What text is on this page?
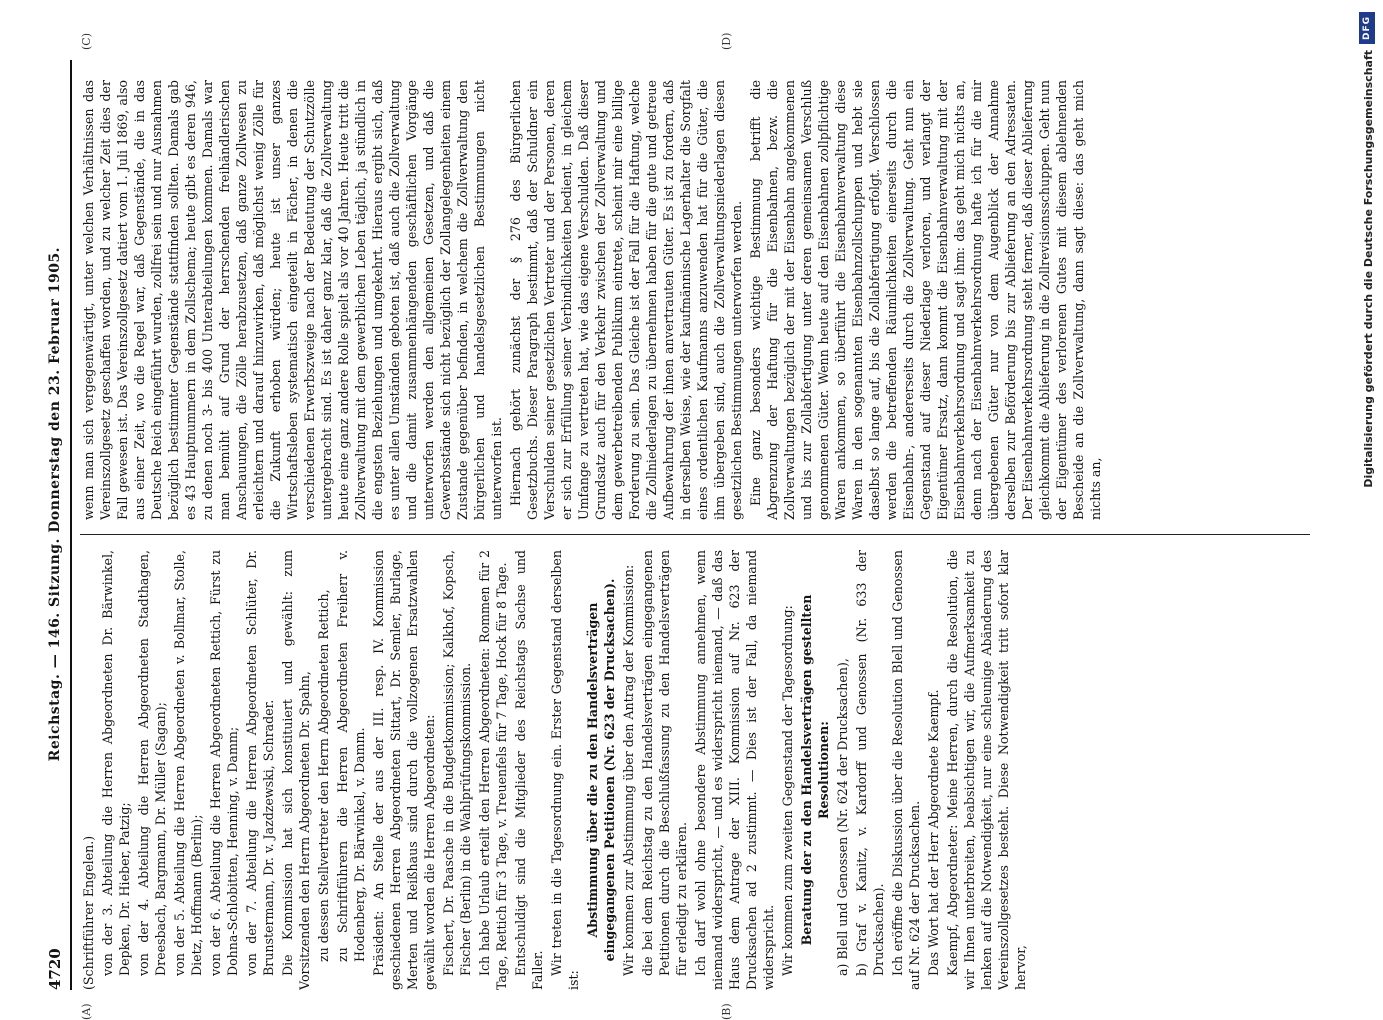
DFG
Digitalisierung gefördert durch die Deutsche Forschungsgemeinschaft
4720
Reichstag. — 146. Sitzung. Donnerstag den 23. Februar 1905.
(A)	(B)
(C)	(D)

(Schriftführer Engelen.) von der 3. Abteilung die Herren Abgeordneten Dr. Bärwinkel, Depken, Dr. Hieber, Patzig; von der 4. Abteilung die Herren Abgeordneten Stadthagen, Dreesbach, Bargmann, Dr. Müller (Sagan); von der 5. Abteilung die Herren Abgeordneten v. Bollmar, Stolle, Dietz, Hoffmann (Berlin); von der 6. Abteilung die Herren Abgeordneten Rettich, Fürst zu Dohna-Schlobitten, Henning, v. Damm; von der 7. Abteilung die Herren Abgeordneten Schlüter, Dr. Brunstermann, Dr. v. Jazdzewski, Schrader. Die Kommission hat sich konstituiert und gewählt: zum Vorsitzenden den Herrn Abgeordneten Dr. Spahn, zu dessen Stellvertreter den Herrn Abgeordneten Rettich, zu Schriftführern die Herren Abgeordneten Freiherr v. Hodenberg, Dr. Bärwinkel, v. Damm. Präsident: An Stelle der aus der III. resp. IV. Kommission geschiedenen Herren Abgeordneten Sittart, Dr. Semler, Burlage, Merten und Reißhaus sind durch die vollzogenen Ersatzwahlen gewählt worden die Herren Abgeordneten: Fischert, Dr. Paasche in die Budgetkommission; Kalkhof, Kopsch, Fischer (Berlin) in die Wahlprüfungskommission. Ich habe Urlaub erteilt den Herren Abgeordneten: Rommen für 2 Tage, Rettich für 3 Tage, v. Treuenfels für 7 Tage, Hock für 8 Tage. Entschuldigt sind die Mitglieder des Reichstags Sachse und Faller. Wir treten in die Tagesordnung ein. Erster Gegenstand derselben ist:

Abstimmung über die zu den Handelsverträgen eingegangenen Petitionen (Nr. 623 der Drucksachen). Wir kommen zur Abstimmung über den Antrag der Kommission: die bei dem Reichstag zu den Handelsverträgen eingegangenen Petitionen durch die Beschlußfassung zu den Handelsverträgen für erledigt zu erklären. Ich darf wohl ohne besondere Abstimmung annehmen, wenn niemand widerspricht, — und es widerspricht niemand, — daß das Haus dem Antrage der XIII. Kommission auf Nr. 623 der Drucksachen ad 2 zustimmt. — Dies ist der Fall, da niemand widerspricht. Wir kommen zum zweiten Gegenstand der Tagesordnung: Beratung der zu den Handelsverträgen gestellten Resolutionen: a) Blell und Genossen (Nr. 624 der Drucksachen), b) Graf v. Kanitz, v. Kardorff und Genossen (Nr. 633 der Drucksachen). Ich eröffne die Diskussion über die Resolution Blell und Genossen auf Nr. 624 der Drucksachen. Das Wort hat der Herr Abgeordnete Kaempf. Kaempf, Abgeordneter: Meine Herren, durch die Resolution, die wir Ihnen unterbreiten, beabsichtigen wir, die Aufmerksamkeit zu lenken auf die Notwendigkeit, nur eine schleunige Abänderung des Vereinszollgesetzes besteht. Diese Notwendigkeit tritt sofort klar hervor,

wenn man sich vergegenwärtigt, unter welchen Verhältnissen das Vereinszollgesetz geschaffen worden, und zu welcher Zeit dies der Fall gewesen ist. Das Vereinszollgesetz datiert vom 1. Juli 1869, also aus einer Zeit, wo die Regel war, daß Gegenstände, die in das Deutsche Reich eingeführt wurden, zollfrei sein und nur Ausnahmen bezüglich bestimmter Gegenstände stattfinden sollten. Damals gab es 43 Hauptnummern in dem Zollschema; heute gibt es deren 946, zu denen noch 3- bis 400 Unterabteilungen kommen. Damals war man bemüht auf Grund der herrschenden freihändlerischen Anschauungen, die Zölle herabzusetzen, daß ganze Zollwesen zu erleichtern und darauf hinzuwirken, daß möglichst wenig Zölle für die Zukunft erhoben würden; heute ist unser ganzes Wirtschaftsleben systematisch eingeteilt in Fächer, in denen die verschiedenen Erwerbszweige nach der Bedeutung der Schutzzölle untergebracht sind. Es ist daher ganz klar, daß die Zollverwaltung heute eine ganz andere Rolle spielt als vor 40 Jahren. Heute tritt die Zollverwaltung mit dem gewerblichen Leben täglich, ja stündlich in die engsten Beziehungen und umgekehrt. Hieraus ergibt sich, daß es unter allen Umständen geboten ist, daß auch die Zollverwaltung und die damit zusammenhängenden geschäftlichen Vorgänge unterworfen werden den allgemeinen Gesetzen, und daß die Gewerbsstände sich nicht bezüglich der Zollangelegenheiten einem Zustande gegenüber befinden, in welchem die Zollverwaltung den bürgerlichen und handelsgesetzlichen Bestimmungen nicht unterworfen ist. Hiernach gehört zunächst der § 276 des Bürgerlichen Gesetzbuchs. Dieser Paragraph bestimmt, daß der Schuldner ein Verschulden seiner gesetzlichen Vertreter und der Personen, deren er sich zur Erfüllung seiner Verbindlichkeiten bedient, in gleichem Umfange zu vertreten hat, wie das eigene Verschulden. Daß dieser Grundsatz auch für den Verkehr zwischen der Zollverwaltung und dem gewerbetreibenden Publikum eintrete, scheint mir eine billige Forderung zu sein. Das Gleiche ist der Fall für die Haftung, welche die Zollniederlagen zu übernehmen haben für die gute und getreue Aufbewahrung der ihnen anvertrauten Güter. Es ist zu fordern, daß in derselben Weise, wie der kaufmännische Lagerhalter die Sorgfalt eines ordentlichen Kaufmanns anzuwenden hat für die Güter, die ihm übergeben sind, auch die Zollverwaltungsniederlagen diesen gesetzlichen Bestimmungen unterworfen werden. Eine ganz besonders wichtige Bestimmung betrifft die Abgrenzung der Haftung für die Eisenbahnen, bezw. die Zollverwaltungen bezüglich der mit der Eisenbahn angekommenen und bis zur Zollabfertigung unter deren gemeinsamen Verschluß genommenen Güter. Wenn heute auf den Eisenbahnen zollpflichtige Waren ankommen, so überführt die Eisenbahnverwaltung diese Waren in den sogenannten Eisenbahnzollschuppen und hebt sie daselbst so lange auf, bis die Zollabfertigung erfolgt. Verschlossen werden die betreffenden Räumlichkeiten einerseits durch die Eisenbahn-, andererseits durch die Zollverwaltung. Geht nun ein Gegenstand auf dieser Niederlage verloren, und verlangt der Eigentümer Ersatz, dann kommt die Eisenbahnverwaltung mit der Eisenbahnverkehrsordnung und sagt ihm: das geht mich nichts an, denn nach der Eisenbahnverkehrsordnung hafte ich für die mir übergebenen Güter nur von dem Augenblick der Annahme derselben zur Beförderung bis zur Ablieferung an den Adressaten. Der Eisenbahnverkehrsordnung steht ferner, daß dieser Ablieferung gleichkommt die Ablieferung in die Zollrevisionsschuppen. Geht nun der Eigentümer des verlorenen Gutes mit diesem ablehnenden Bescheide an die Zollverwaltung, dann sagt diese: das geht mich nichts an,
